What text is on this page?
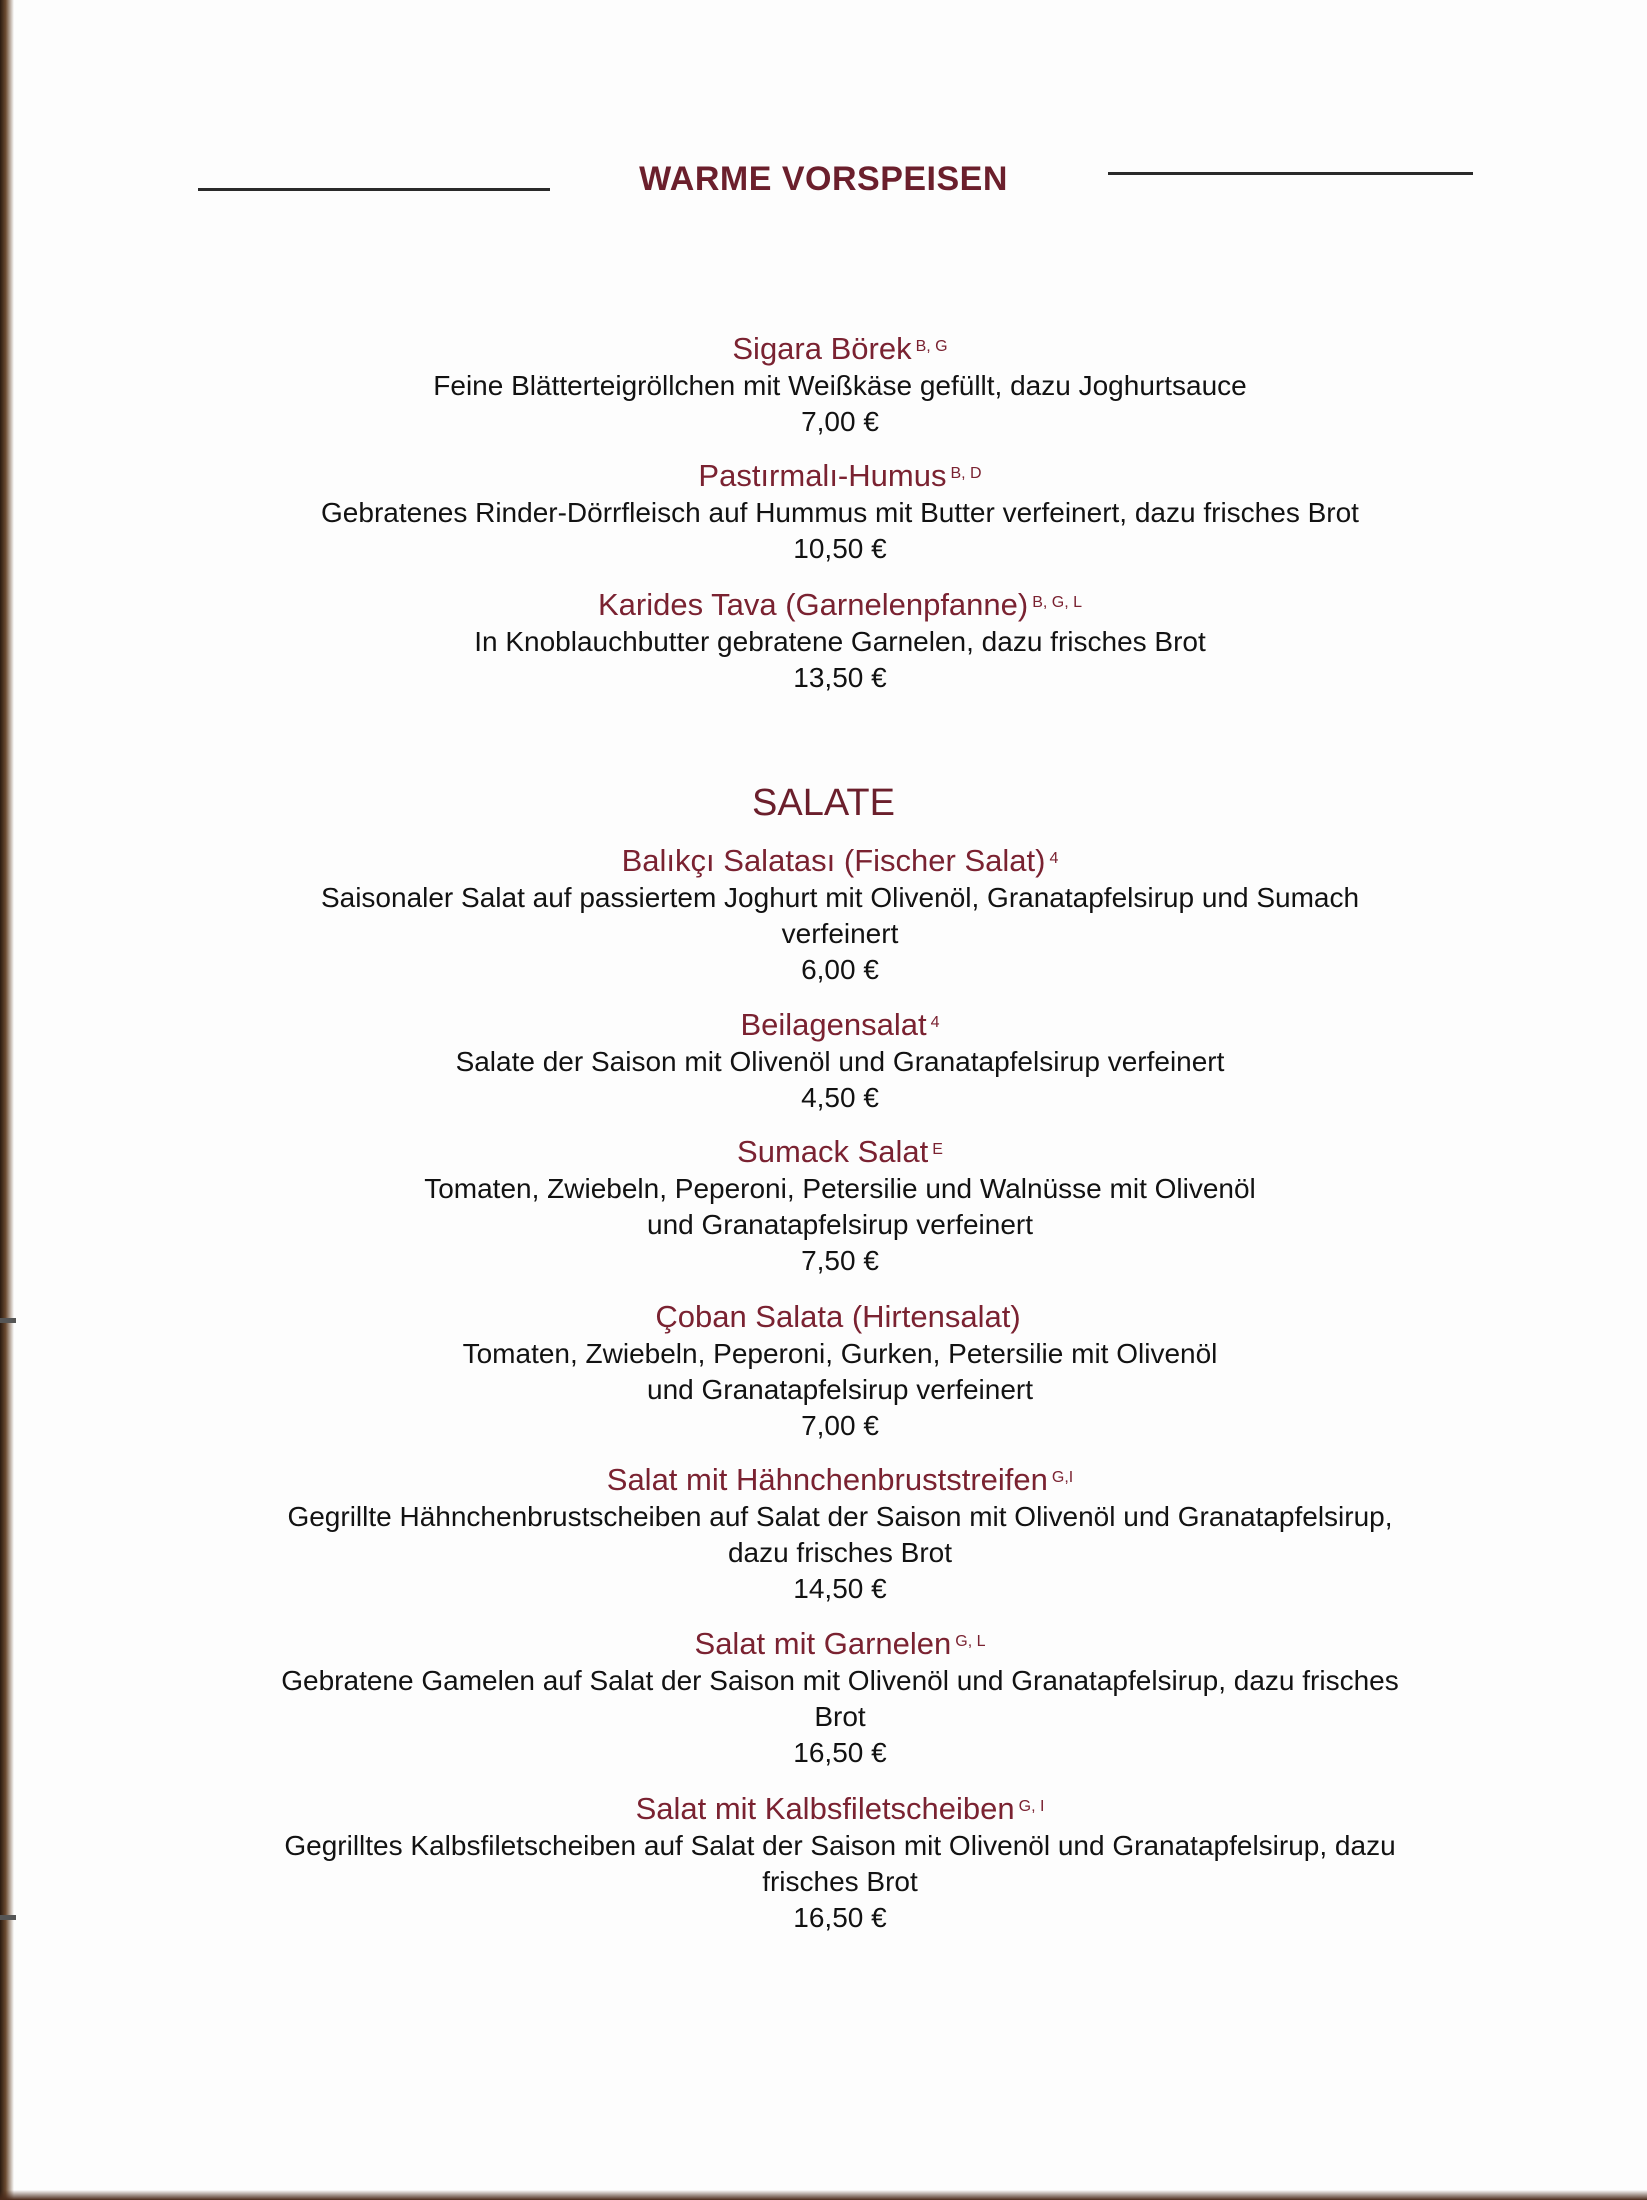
WARME VORSPEISEN
Sigara Börek $^{B, G}$
Feine Blätterteigröllchen mit Weißkäse gefüllt, dazu Joghurtsauce
7,00 €
Pastırmalı-Humus $^{B, D}$
Gebratenes Rinder-Dörrfleisch auf Hummus mit Butter verfeinert, dazu frisches Brot
10,50 €
Karides Tava (Garnelenpfanne) $^{B, G, L}$
In Knoblauchbutter gebratene Garnelen, dazu frisches Brot
13,50 €
SALATE
Balıkçı Salatası (Fischer Salat) $^4$
Saisonaler Salat auf passiertem Joghurt mit Olivenöl, Granatapfelsirup und Sumach
verfeinert
6,00 €
Beilagensalat $^4$
Salate der Saison mit Olivenöl und Granatapfelsirup verfeinert
4,50 €
Sumack Salat $^E$
Tomaten, Zwiebeln, Peperoni, Petersilie und Walnüsse mit Olivenöl
und Granatapfelsirup verfeinert
7,50 €
Çoban Salata (Hirtensalat)
Tomaten, Zwiebeln, Peperoni, Gurken, Petersilie mit Olivenöl
und Granatapfelsirup verfeinert
7,00 €
Salat mit Hähnchenbruststreifen $^{G,I}$
Gegrillte Hähnchenbrustscheiben auf Salat der Saison mit Olivenöl und Granatapfelsirup,
dazu frisches Brot
14,50 €
Salat mit Garnelen $^{G, L}$
Gebratene Gamelen auf Salat der Saison mit Olivenöl und Granatapfelsirup, dazu frisches
Brot
16,50 €
Salat mit Kalbsfiletscheiben $^{G, I}$
Gegrilltes Kalbsfiletscheiben auf Salat der Saison mit Olivenöl und Granatapfelsirup, dazu
frisches Brot
16,50 €
